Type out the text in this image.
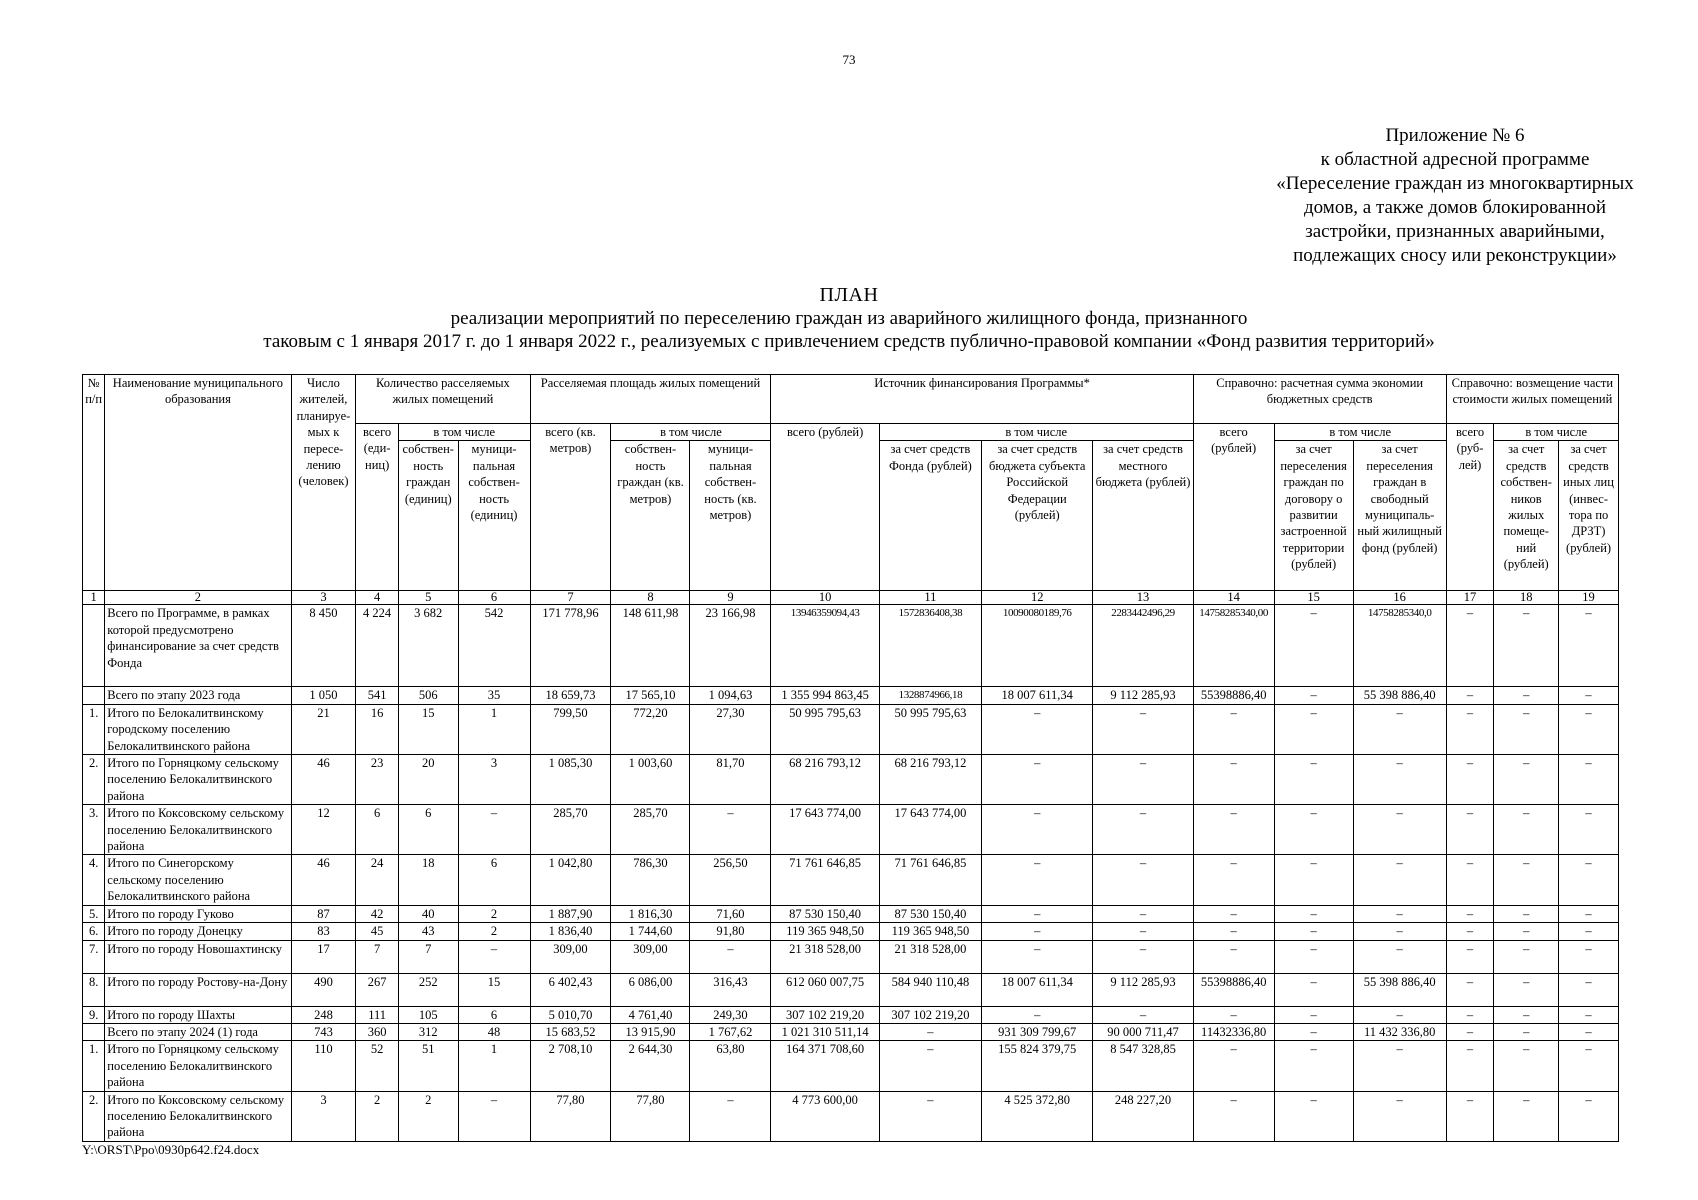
73
Приложение № 6
к областной адресной программе
«Переселение граждан из многоквартирных
домов, а также домов блокированной
застройки, признанных аварийными,
подлежащих сносу или реконструкции»
ПЛАН
реализации мероприятий по переселению граждан из аварийного жилищного фонда, признанного
таковым с 1 января 2017 г. до 1 января 2022 г., реализуемых с привлечением средств публично-правовой компании «Фонд развития территорий»
№ п/п	Наименование муниципального образования	Число жителей, планируе-мых к пересе-лению (человек)	Количество расселяемых жилых помещений			Расселяемая площадь жилых помещений			Источник финансирования Программы*				Справочно: расчетная сумма экономии бюджетных средств			Справочно: возмещение части стоимости жилых помещений		
			всего (еди-ниц)	в том числе		всего (кв. метров)	в том числе		всего (рублей)	в том числе			всего (рублей)	в том числе		всего (руб-лей)	в том числе	
				собствен-ность граждан (единиц)	муници-пальная собствен-ность (единиц)		собствен-ность граждан (кв. метров)	муници-пальная собствен-ность (кв. метров)		за счет средств Фонда (рублей)	за счет средств бюджета субъекта Российской Федерации (рублей)	за счет средств местного бюджета (рублей)		за счет переселения граждан по договору о развитии застроенной территории (рублей)	за счет переселения граждан в свободный муниципаль-ный жилищный фонд (рублей)		за счет средств собствен-ников жилых помеще-ний (рублей)	за счет средств иных лиц (инвес-тора по ДРЗТ) (рублей)
1	2	3	4	5	6	7	8	9	10	11	12	13	14	15	16	17	18	19
	Всего по Программе, в рамках которой предусмотрено финансирование за счет средств Фонда	8 450	4 224	3 682	542	171 778,96	148 611,98	23 166,98	13946359094,43	1572836408,38	10090080189,76	2283442496,29	14758285340,00	–	14758285340,0	–	–	–
	Всего по этапу 2023 года	1 050	541	506	35	18 659,73	17 565,10	1 094,63	1 355 994 863,45	1328874966,18	18 007 611,34	9 112 285,93	55398886,40	–	55 398 886,40	–	–	–
1.	Итого по Белокалитвинскому городскому поселению Белокалитвинского района	21	16	15	1	799,50	772,20	27,30	50 995 795,63	50 995 795,63	–	–	–	–	–	–	–	–
2.	Итого по Горняцкому сельскому поселению Белокалитвинского района	46	23	20	3	1 085,30	1 003,60	81,70	68 216 793,12	68 216 793,12	–	–	–	–	–	–	–	–
3.	Итого по Коксовскому сельскому поселению Белокалитвинского района	12	6	6	–	285,70	285,70	–	17 643 774,00	17 643 774,00	–	–	–	–	–	–	–	–
4.	Итого по Синегорскому сельскому поселению Белокалитвинского района	46	24	18	6	1 042,80	786,30	256,50	71 761 646,85	71 761 646,85	–	–	–	–	–	–	–	–
5.	Итого по городу Гуково	87	42	40	2	1 887,90	1 816,30	71,60	87 530 150,40	87 530 150,40	–	–	–	–	–	–	–	–
6.	Итого по городу Донецку	83	45	43	2	1 836,40	1 744,60	91,80	119 365 948,50	119 365 948,50	–	–	–	–	–	–	–	–
7.	Итого по городу Новошахтинску	17	7	7	–	309,00	309,00	–	21 318 528,00	21 318 528,00	–	–	–	–	–	–	–	–
8.	Итого по городу Ростову-на-Дону	490	267	252	15	6 402,43	6 086,00	316,43	612 060 007,75	584 940 110,48	18 007 611,34	9 112 285,93	55398886,40	–	55 398 886,40	–	–	–
9.	Итого по городу Шахты	248	111	105	6	5 010,70	4 761,40	249,30	307 102 219,20	307 102 219,20	–	–	–	–	–	–	–	–
	Всего по этапу 2024 (1) года	743	360	312	48	15 683,52	13 915,90	1 767,62	1 021 310 511,14	–	931 309 799,67	90 000 711,47	11432336,80	–	11 432 336,80	–	–	–
1.	Итого по Горняцкому сельскому поселению Белокалитвинского района	110	52	51	1	2 708,10	2 644,30	63,80	164 371 708,60	–	155 824 379,75	8 547 328,85	–	–	–	–	–	–
2.	Итого по Коксовскому сельскому поселению Белокалитвинского района	3	2	2	–	77,80	77,80	–	4 773 600,00	–	4 525 372,80	248 227,20	–	–	–	–	–	–
Y:\ORST\Ppo\0930p642.f24.docx
